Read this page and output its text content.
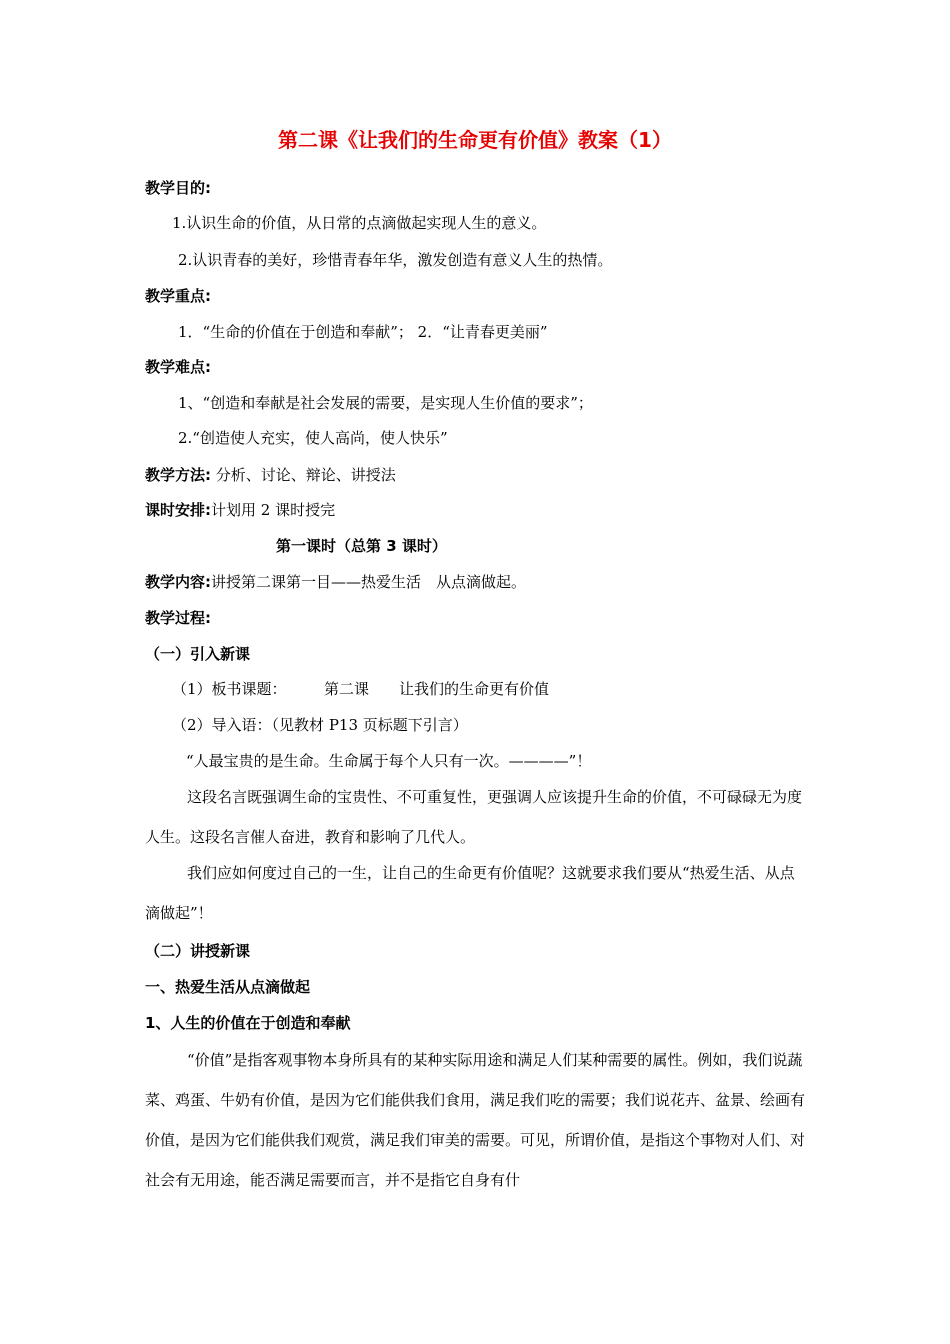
第二课《让我们的生命更有价值》教案（1）
教学目的:
1.认识生命的价值，从日常的点滴做起实现人生的意义。
2.认识青春的美好，珍惜青春年华，激发创造有意义人生的热情。
教学重点:
1．“生命的价值在于创造和奉献”； 2．“让青春更美丽”
教学难点:
1、“创造和奉献是社会发展的需要，是实现人生价值的要求”；
2.“创造使人充实，使人高尚，使人快乐”
教学方法: 分析、讨论、辩论、讲授法
课时安排:计划用 2 课时授完
第一课时（总第 3 课时）
教学内容:讲授第二课第一目——热爱生活　从点滴做起。
教学过程:
（一）引入新课
（1）板书课题：　　　第二课　　让我们的生命更有价值
（2）导入语：（见教材 P13 页标题下引言）
“人最宝贵的是生命。生命属于每个人只有一次。————”！
这段名言既强调生命的宝贵性、不可重复性，更强调人应该提升生命的价值，不可碌碌无为度人生。这段名言催人奋进，教育和影响了几代人。
我们应如何度过自己的一生，让自己的生命更有价值呢？这就要求我们要从“热爱生活、从点滴做起”！
（二）讲授新课
一、热爱生活从点滴做起
1、人生的价值在于创造和奉献
“价值”是指客观事物本身所具有的某种实际用途和满足人们某种需要的属性。例如，我们说蔬菜、鸡蛋、牛奶有价值，是因为它们能供我们食用，满足我们吃的需要；我们说花卉、盆景、绘画有价值，是因为它们能供我们观赏，满足我们审美的需要。可见，所谓价值，是指这个事物对人们、对社会有无用途，能否满足需要而言，并不是指它自身有什
